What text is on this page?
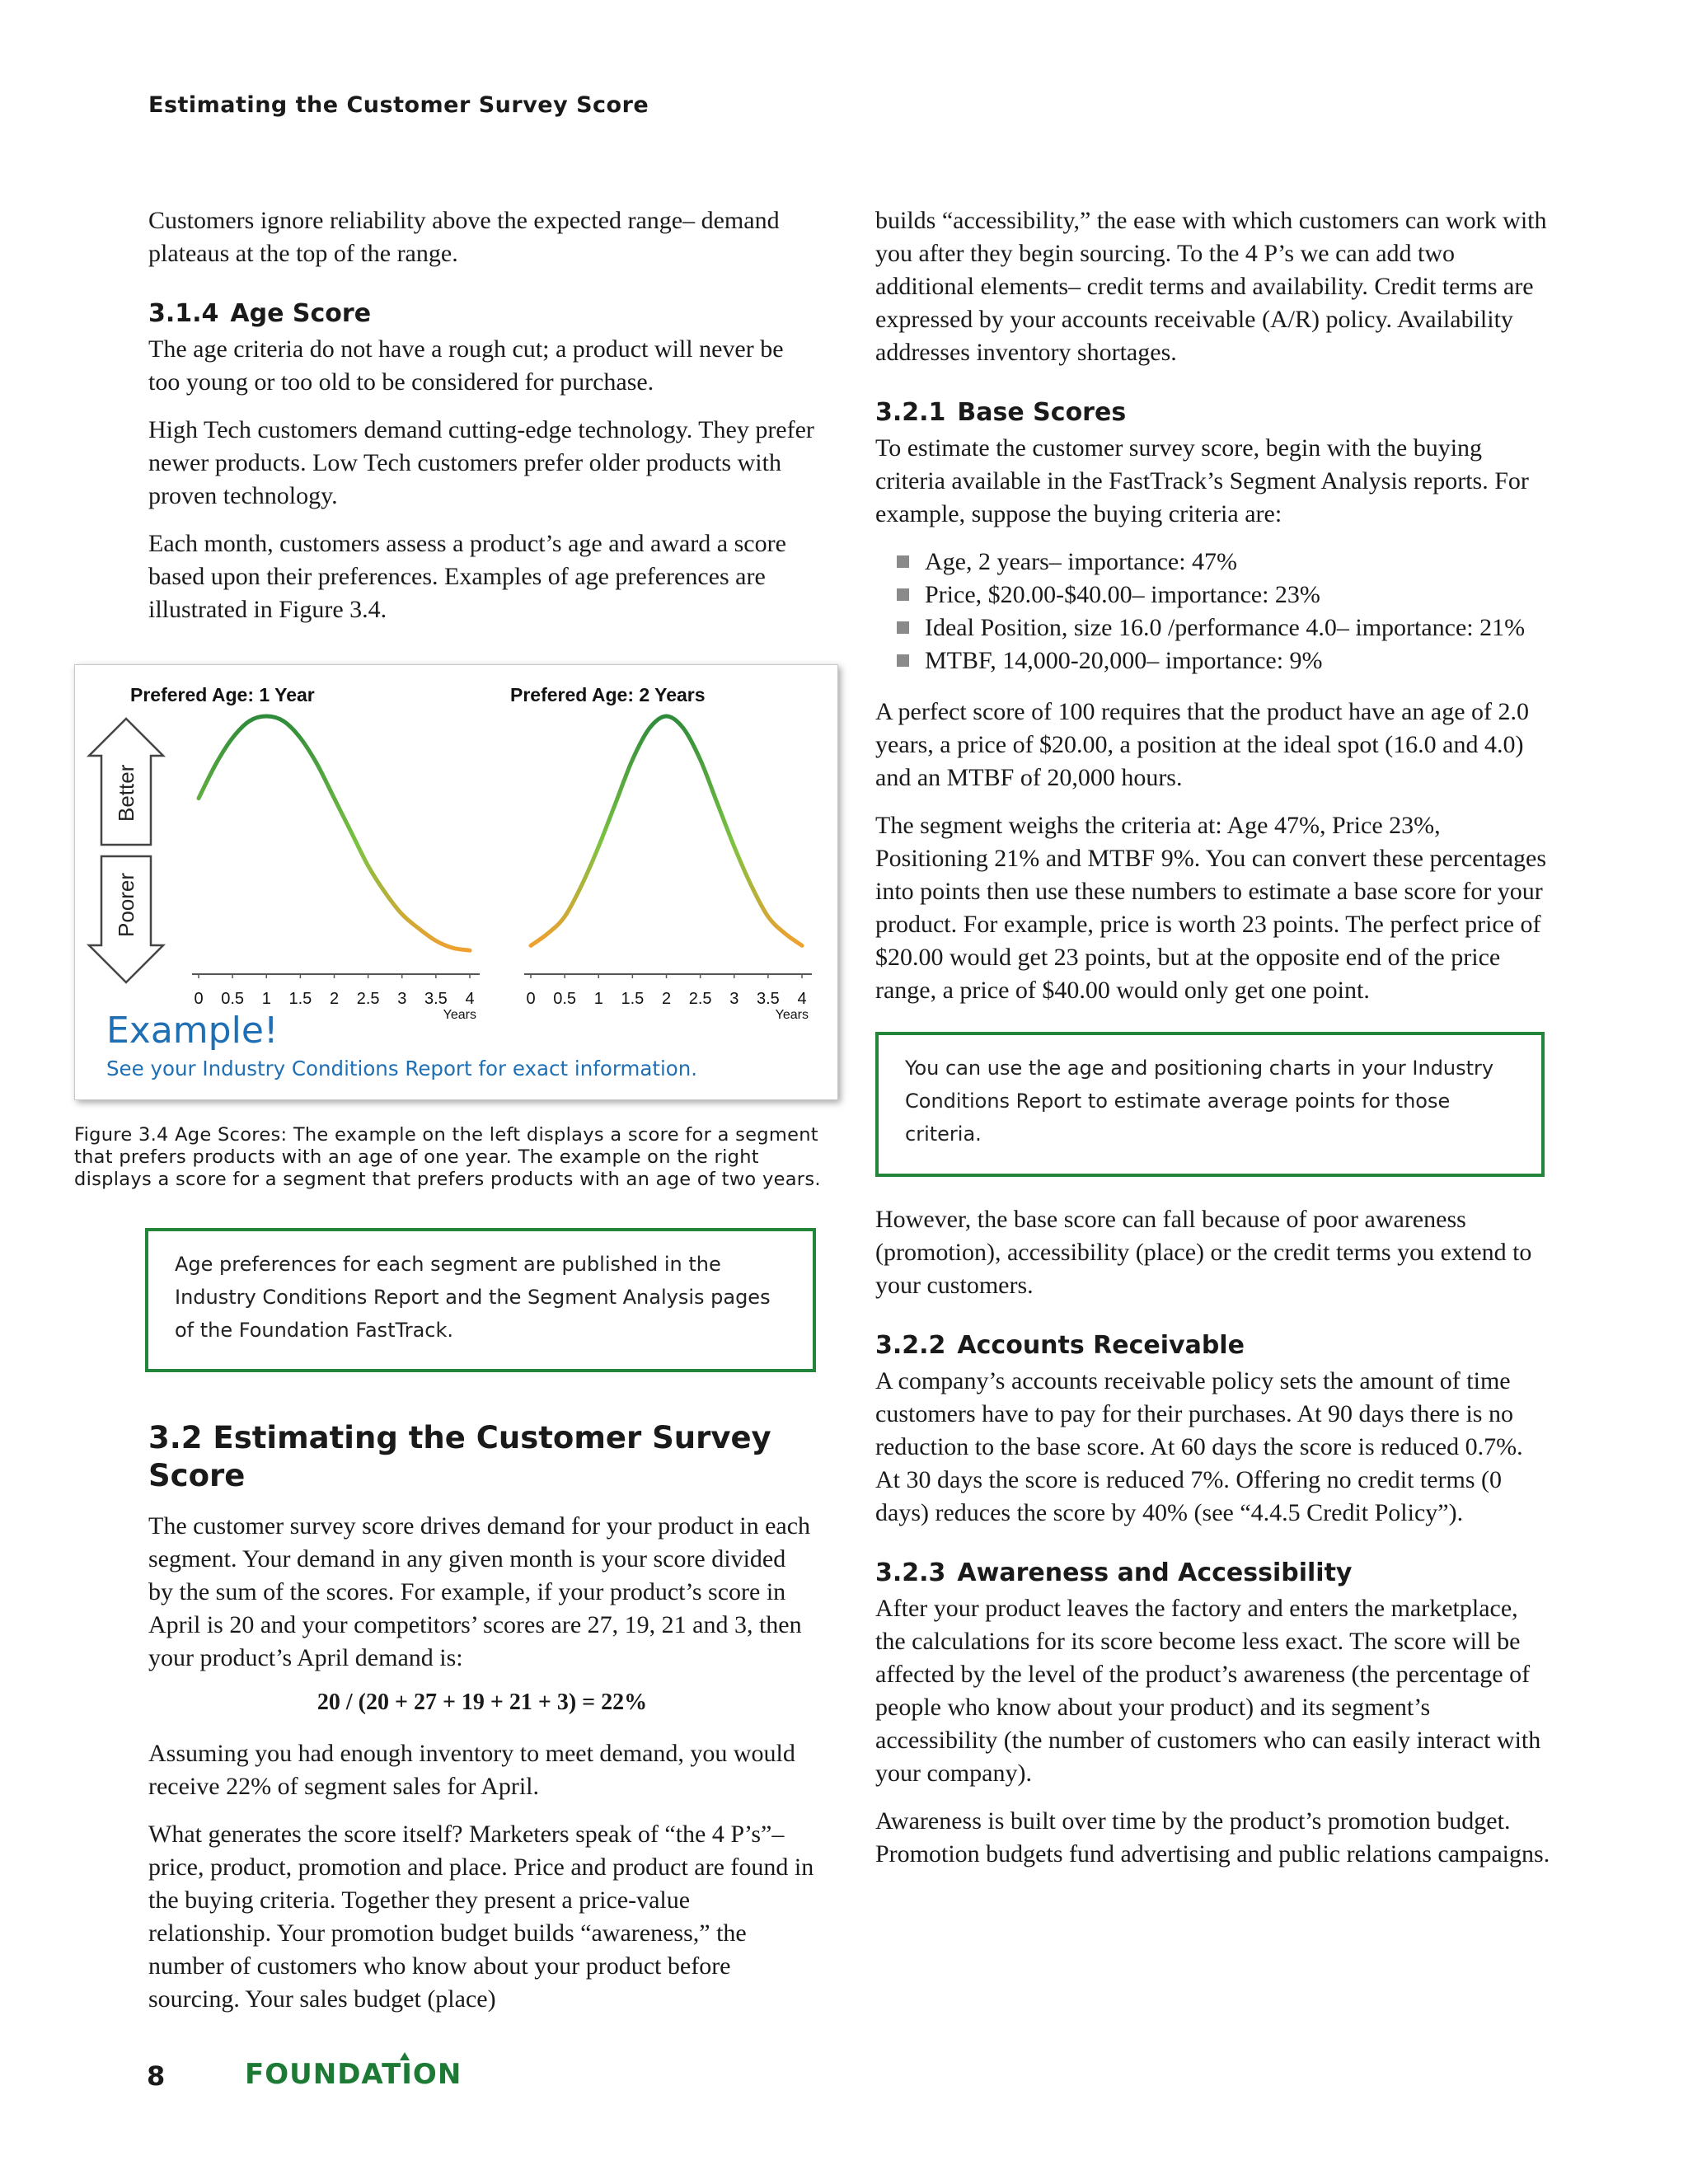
Estimating the Customer Survey Score

Customers ignore reliability above the expected range– demand plateaus at the top of the range.

3.1.4 Age Score

The age criteria do not have a rough cut; a product will never be too young or too old to be considered for purchase.

High Tech customers demand cutting-edge technology. They prefer newer products. Low Tech customers prefer older products with proven technology.

Each month, customers assess a product’s age and award a score based upon their preferences. Examples of age preferences are illustrated in Figure 3.4.

Better
Poorer
Prefered Age: 1 Year
0 0.5 1 1.5 2 2.5 3 3.5 4
Years
Prefered Age: 2 Years
0 0.5 1 1.5 2 2.5 3 3.5 4
Years
Example!
See your Industry Conditions Report for exact information.
Figure 3.4 Age Scores: The example on the left displays a score for a segment that prefers products with an age of one year. The example on the right displays a score for a segment that prefers products with an age of two years.
Age preferences for each segment are published in the Industry Conditions Report and the Segment Analysis pages of the Foundation FastTrack.
3.2 Estimating the Customer Survey Score

The customer survey score drives demand for your product in each segment. Your demand in any given month is your score divided by the sum of the scores. For example, if your product’s score in April is 20 and your competitors’ scores are 27, 19, 21 and 3, then your product’s April demand is:

20 / (20 + 27 + 19 + 21 + 3) = 22%

Assuming you had enough inventory to meet demand, you would receive 22% of segment sales for April.

What generates the score itself? Marketers speak of “the 4 P’s”–price, product, promotion and place. Price and product are found in the buying criteria. Together they present a price-value relationship. Your promotion budget builds “awareness,” the number of customers who know about your product before sourcing. Your sales budget (place)

builds “accessibility,” the ease with which customers can work with you after they begin sourcing. To the 4 P’s we can add two additional elements– credit terms and availability. Credit terms are expressed by your accounts receivable (A/R) policy. Availability addresses inventory shortages.

3.2.1 Base Scores

To estimate the customer survey score, begin with the buying criteria available in the FastTrack’s Segment Analysis reports. For example, suppose the buying criteria are:

Age, 2 years– importance: 47%
Price, $20.00-$40.00– importance: 23%
Ideal Position, size 16.0 /performance 4.0– importance: 21%
MTBF, 14,000-20,000– importance: 9%

A perfect score of 100 requires that the product have an age of 2.0 years, a price of $20.00, a position at the ideal spot (16.0 and 4.0) and an MTBF of 20,000 hours.

The segment weighs the criteria at: Age 47%, Price 23%, Positioning 21% and MTBF 9%. You can convert these percentages into points then use these numbers to estimate a base score for your product. For example, price is worth 23 points. The perfect price of $20.00 would get 23 points, but at the opposite end of the price range, a price of $40.00 would only get one point.

You can use the age and positioning charts in your Industry Conditions Report to estimate average points for those criteria.

However, the base score can fall because of poor awareness (promotion), accessibility (place) or the credit terms you extend to your customers.

3.2.2 Accounts Receivable

A company’s accounts receivable policy sets the amount of time customers have to pay for their purchases. At 90 days there is no reduction to the base score. At 60 days the score is reduced 0.7%. At 30 days the score is reduced 7%. Offering no credit terms (0 days) reduces the score by 40% (see “4.4.5 Credit Policy”).

3.2.3 Awareness and Accessibility

After your product leaves the factory and enters the marketplace, the calculations for its score become less exact. The score will be affected by the level of the product’s awareness (the percentage of people who know about your product) and its segment’s accessibility (the number of customers who can easily interact with your company).

Awareness is built over time by the product’s promotion budget. Promotion budgets fund advertising and public relations campaigns.

8	FOUNDATION
